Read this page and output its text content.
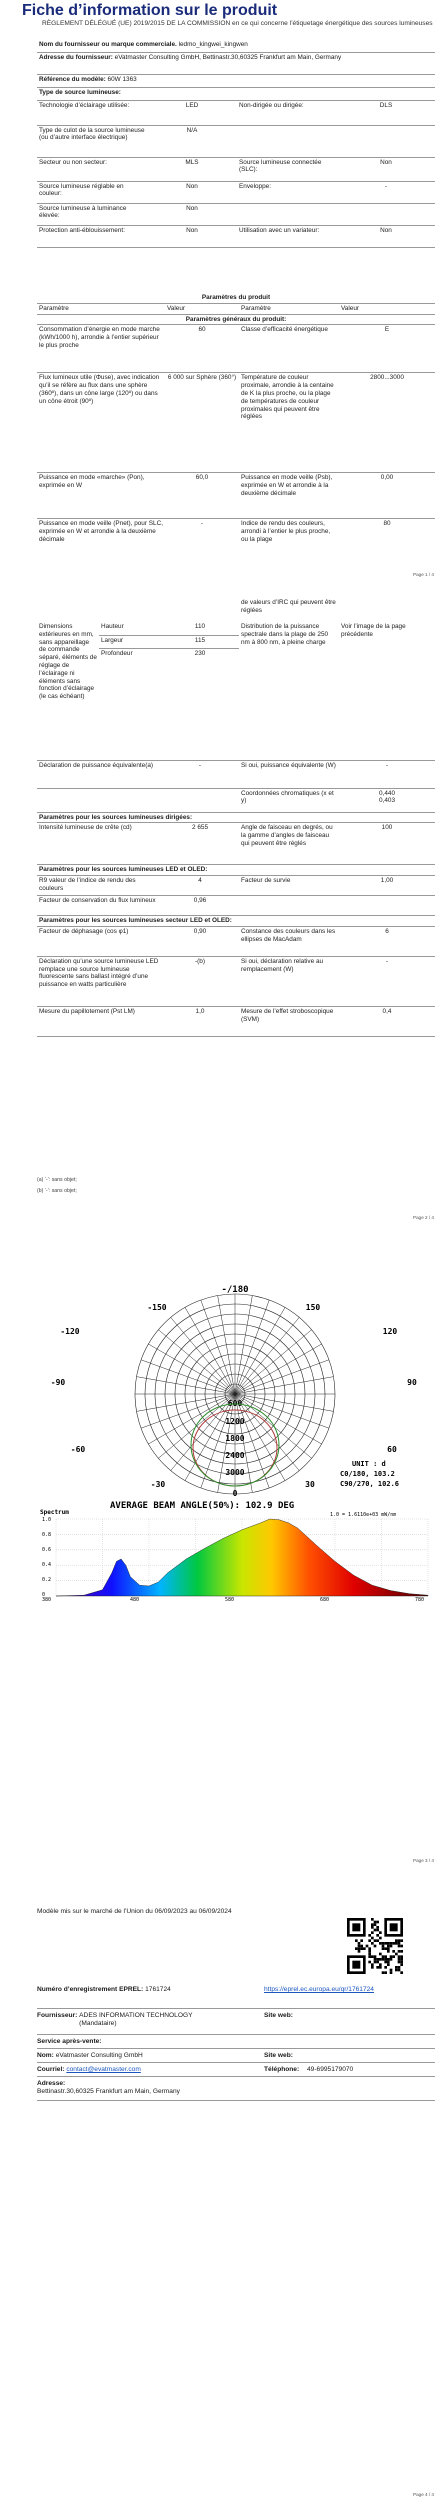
Fiche d’information sur le produit
RÈGLEMENT DÉLÉGUÉ (UE) 2019/2015 DE LA COMMISSION en ce qui concerne l’étiquetage énergétique des sources lumineuses
Nom du fournisseur ou marque commerciale. ledmo_kingwei_kingwen
Adresse du fournisseur: eVatmaster Consulting GmbH, Bettinastr.30,60325 Frankfurt am Main, Germany
Référence du modèle: 60W 1363
Type de source lumineuse:
Technologie d’éclairage utilisée:	LED	Non-dirigée ou dirigée:	DLS
Type de culot de la source lumineuse (ou d’autre interface électrique)	N/A		
Secteur ou non secteur:	MLS	Source lumineuse connectée (SLC):	Non
Source lumineuse réglable en couleur:	Non	Enveloppe:	-
Source lumineuse à luminance élevée:	Non		
Protection anti-éblouissement:	Non	Utilisation avec un variateur:	Non
Paramètres du produit			
Paramètre	Valeur	Paramètre	Valeur
Paramètres généraux du produit:			
Consommation d’énergie en mode marche (kWh/1000 h), arrondie à l’entier supérieur le plus proche	60	Classe d’efficacité énergétique	E
Flux lumineux utile (Φuse), avec indication qu’il se réfère au flux dans une sphère (360º), dans un cône large (120º) ou dans un cône étroit (90º)	6 000 sur Sphère (360°)	Température de couleur proximale, arrondie à la centaine de K la plus proche, ou la plage de températures de couleur proximales qui peuvent être réglées	2800...3000
Puissance en mode «marche» (Pon), exprimée en W	60,0	Puissance en mode veille (Psb), exprimée en W et arrondie à la deuxième décimale	0,00
Puissance en mode veille (Pnet), pour SLC, exprimée en W et arrondie à la deuxième décimale	-	Indice de rendu des couleurs, arrondi à l’entier le plus proche, ou la plage	80
Page 1 / 4
			de valeurs d’IRC qui peuvent être réglées	
Dimensions extérieures en mm, sans appareillage de commande séparé, éléments de réglage de l’éclairage ni éléments sans fonction d’éclairage (le cas échéant)	Hauteur	110	Distribution de la puissance spectrale dans la plage de 250 nm à 800 nm, à pleine charge	Voir l’image de la page précédente
	Largeur	115		
	Profondeur	230		
Déclaration de puissance équivalente(a)		-	Si oui, puissance équivalente (W)	-
			Coordonnées chromatiques (x et y)	0,440
0,403
Paramètres pour les sources lumineuses dirigées:				
Intensité lumineuse de crête (cd)		2 655	Angle de faisceau en degrés, ou la gamme d’angles de faisceau qui peuvent être réglés	100
Paramètres pour les sources lumineuses LED et OLED:				
R9 valeur de l’indice de rendu des couleurs		4	Facteur de survie	1,00
Facteur de conservation du flux lumineux		0,96		
Paramètres pour les sources lumineuses secteur LED et OLED:				
Facteur de déphasage (cos φ1)		0,90	Constance des couleurs dans les ellipses de MacAdam	6
Déclaration qu’une source lumineuse LED remplace une source lumineuse fluorescente sans ballast intégré d’une puissance en watts particulière		-(b)	Si oui, déclaration relative au remplacement (W)	-
Mesure du papillotement (Pst LM)		1,0	Mesure de l’effet stroboscopique (SVM)	0,4
(a) ‘-’: sans objet;
(b) ‘-’: sans objet;
Page 2 / 4
Page 3 / 4
-/180
-150	150
-120	120
-90	90
-60	60
-30	30
0
600
1200
1800
2400
3000
UNIT : d
C0/180, 103.2
C90/270, 102.6
AVERAGE BEAM ANGLE(50%): 102.9 DEG
Spectrum	1.0 = 1.6110e+03 mW/nm
1.0
0.8
0.6
0.4
0.2
0
380	480	580	680	780
Modèle mis sur le marché de l’Union du 06/09/2023 au 06/09/2024
Numéro d’enregistrement EPREL: 1761724	https://eprel.ec.europa.eu/qr/1761724
Fournisseur: ADES INFORMATION TECHNOLOGY (Mandataire)
Site web:
Service après-vente:
Nom: eVatmaster Consulting GmbH	Site web:
Courriel: contact@evatmaster.com	Téléphone: 49-6995179070
Adresse:
Bettinastr.30,60325 Frankfurt am Main, Germany
Page 4 / 4
